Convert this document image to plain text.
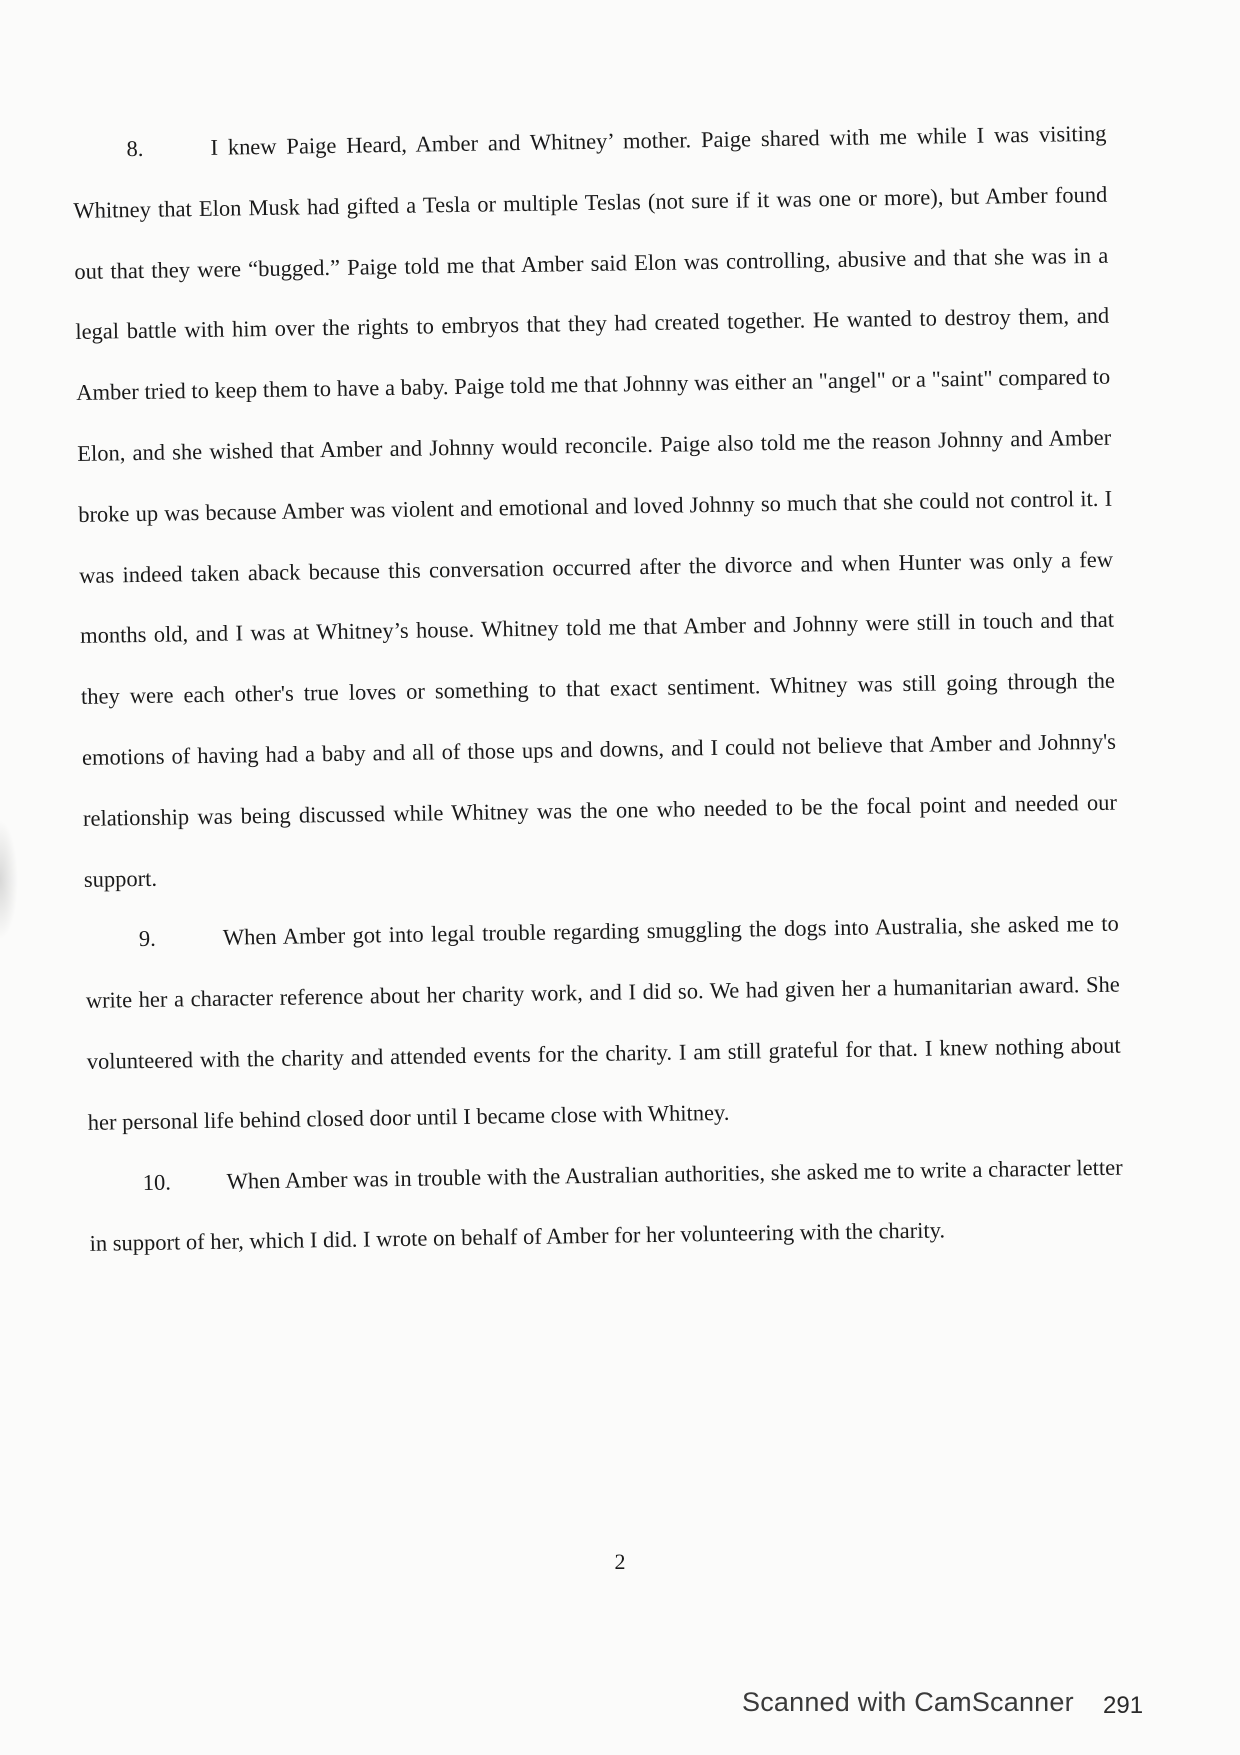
8.	I knew Paige Heard, Amber and Whitney’ mother. Paige shared with me while I was visiting Whitney that Elon Musk had gifted a Tesla or multiple Teslas (not sure if it was one or more), but Amber found out that they were “bugged.” Paige told me that Amber said Elon was controlling, abusive and that she was in a legal battle with him over the rights to embryos that they had created together. He wanted to destroy them, and Amber tried to keep them to have a baby. Paige told me that Johnny was either an "angel" or a "saint" compared to Elon, and she wished that Amber and Johnny would reconcile. Paige also told me the reason Johnny and Amber broke up was because Amber was violent and emotional and loved Johnny so much that she could not control it. I was indeed taken aback because this conversation occurred after the divorce and when Hunter was only a few months old, and I was at Whitney’s house. Whitney told me that Amber and Johnny were still in touch and that they were each other's true loves or something to that exact sentiment. Whitney was still going through the emotions of having had a baby and all of those ups and downs, and I could not believe that Amber and Johnny's relationship was being discussed while Whitney was the one who needed to be the focal point and needed our support.

9.	When Amber got into legal trouble regarding smuggling the dogs into Australia, she asked me to write her a character reference about her charity work, and I did so. We had given her a humanitarian award. She volunteered with the charity and attended events for the charity. I am still grateful for that. I knew nothing about her personal life behind closed door until I became close with Whitney.

10. When Amber was in trouble with the Australian authorities, she asked me to write a character letter in support of her, which I did. I wrote on behalf of Amber for her volunteering with the charity.

2
Scanned with CamScanner 291
